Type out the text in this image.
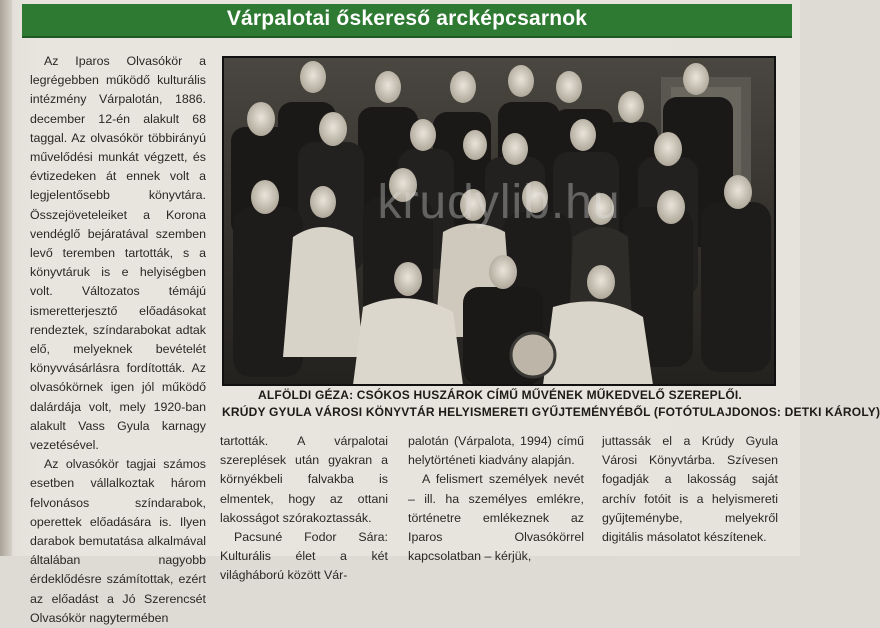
Várpalotai őskereső arcképcsarnok

Az Iparos Olvasókör a legrégebben működő kulturális intézmény Várpalotán, 1886. december 12-én alakult 68 taggal. Az olvasókör többirányú művelődési munkát végzett, és évtizedeken át ennek volt a legjelentősebb könyvtára. Összejöveteleiket a Korona vendéglő bejáratával szemben levő teremben tartották, s a könyvtáruk is e helyiségben volt. Változatos témájú ismeretterjesztő előadásokat rendeztek, színdarabokat adtak elő, melyeknek bevételét könyvvásárlásra fordították. Az olvasókörnek igen jól működő dalárdája volt, mely 1920-ban alakult Vass Gyula karnagy vezetésével.

Az olvasókör tagjai számos esetben vállalkoztak három felvonásos színdarabok, operettek előadására is. Ilyen darabok bemutatása alkalmával általában nagyobb érdeklődésre számítottak, ezért az előadást a Jó Szerencsét Olvasókör nagytermében

krudylib.hu
ALFÖLDI GÉZA: CSÓKOS HUSZÁROK CÍMŰ MŰVÉNEK MŰKEDVELŐ SZEREPLŐI.
KRÚDY GYULA VÁROSI KÖNYVTÁR HELYISMERETI GYŰJTEMÉNYÉBŐL (FOTÓTULAJDONOS: DETKI KÁROLY)

tartották. A várpalotai szereplések után gyakran a környékbeli falvakba is elmentek, hogy az ottani lakosságot szórakoztassák.

Pacsuné Fodor Sára: Kulturális élet a két világháború között Vár-

palotán (Várpalota, 1994) című helytörténeti kiadvány alapján.

A felismert személyek nevét – ill. ha személyes emlékre, történetre emlékeznek az Iparos Olvasókörrel kapcsolatban – kérjük,

juttassák el a Krúdy Gyula Városi Könyvtárba. Szívesen fogadják a lakosság saját archív fotóit is a helyismereti gyűjteménybe, melyekről digitális másolatot készítenek.
